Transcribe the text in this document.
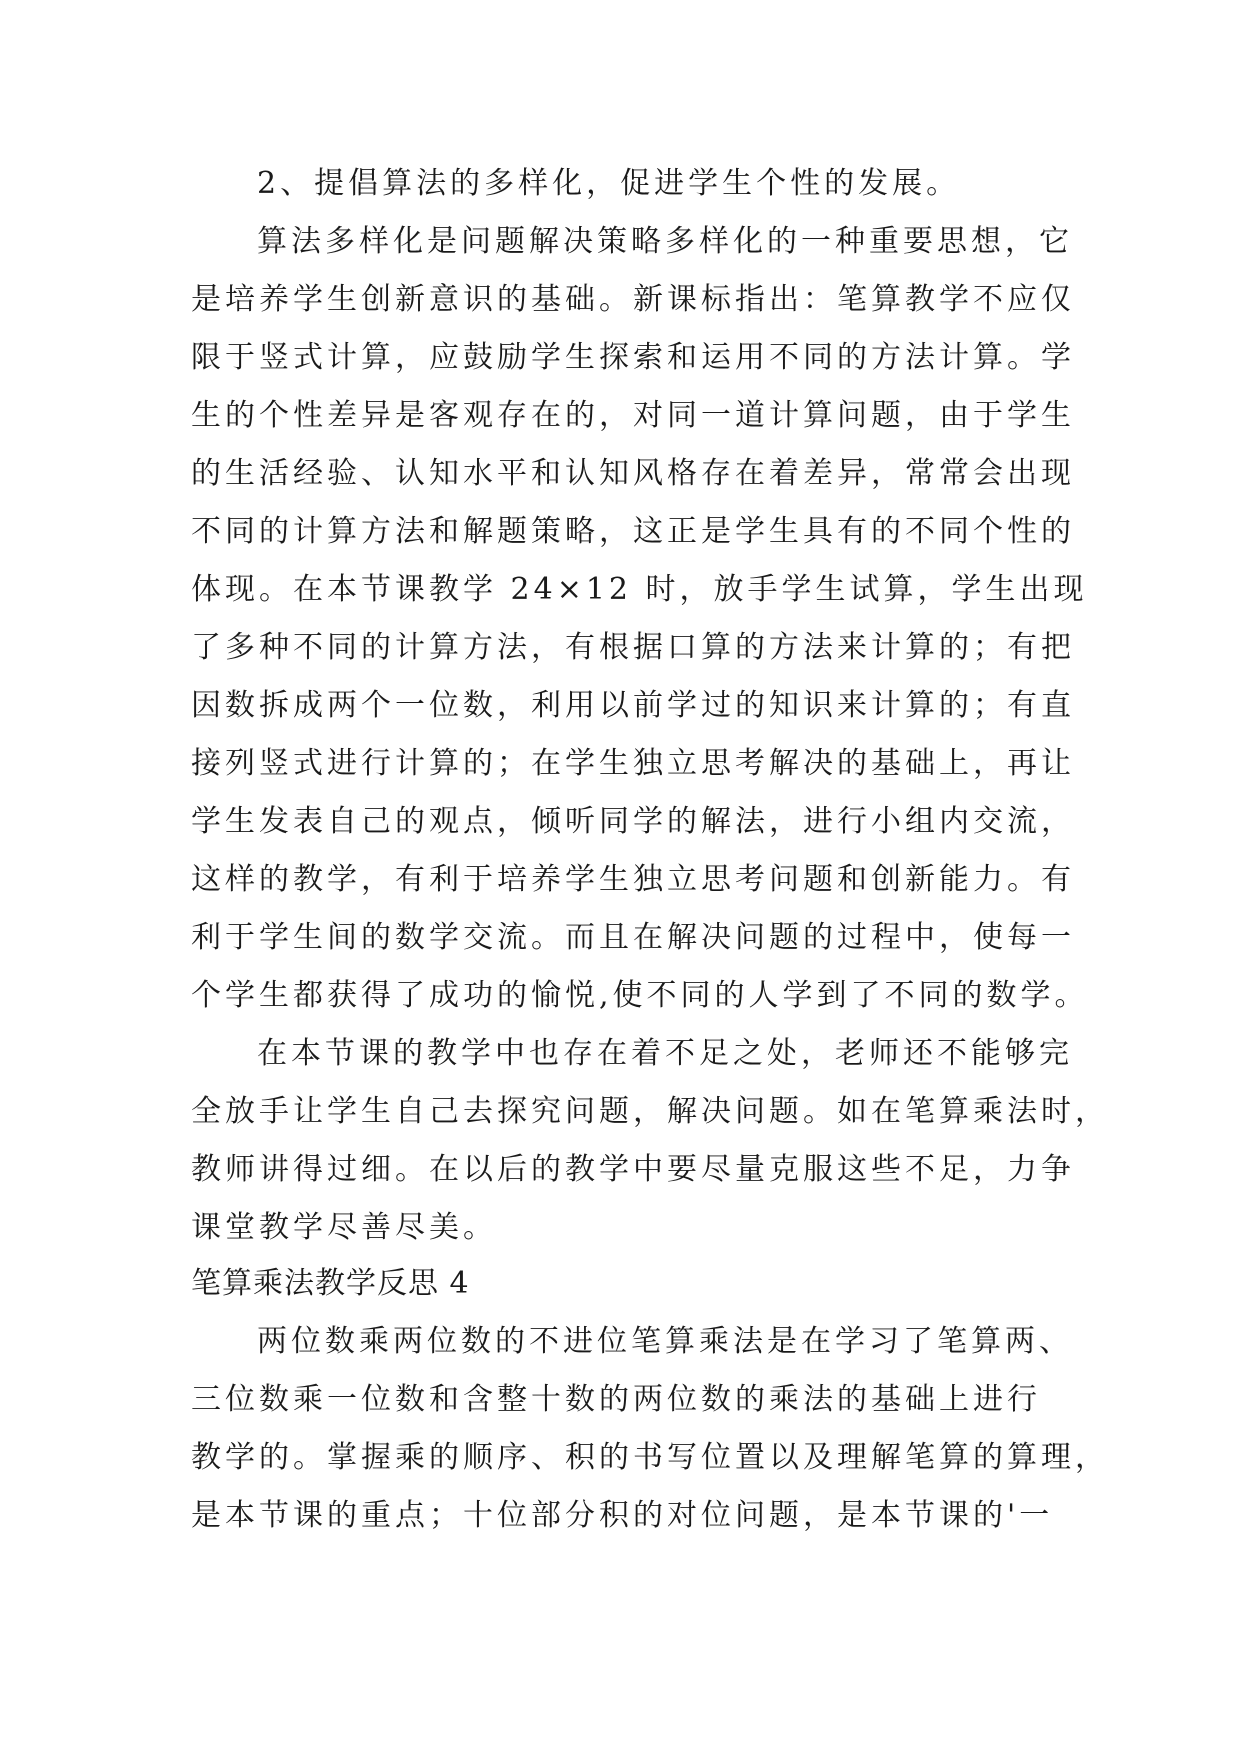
2、提倡算法的多样化，促进学生个性的发展。
算法多样化是问题解决策略多样化的一种重要思想，它
是培养学生创新意识的基础。新课标指出：笔算教学不应仅
限于竖式计算，应鼓励学生探索和运用不同的方法计算。学
生的个性差异是客观存在的，对同一道计算问题，由于学生
的生活经验、认知水平和认知风格存在着差异，常常会出现
不同的计算方法和解题策略，这正是学生具有的不同个性的
体现。在本节课教学 24×12 时，放手学生试算，学生出现
了多种不同的计算方法，有根据口算的方法来计算的；有把
因数拆成两个一位数，利用以前学过的知识来计算的；有直
接列竖式进行计算的；在学生独立思考解决的基础上，再让
学生发表自己的观点，倾听同学的解法，进行小组内交流，
这样的教学，有利于培养学生独立思考问题和创新能力。有
利于学生间的数学交流。而且在解决问题的过程中，使每一
个学生都获得了成功的愉悦,使不同的人学到了不同的数学。
在本节课的教学中也存在着不足之处，老师还不能够完
全放手让学生自己去探究问题，解决问题。如在笔算乘法时，
教师讲得过细。在以后的教学中要尽量克服这些不足，力争
课堂教学尽善尽美。
笔算乘法教学反思 4
两位数乘两位数的不进位笔算乘法是在学习了笔算两、
三位数乘一位数和含整十数的两位数的乘法的基础上进行
教学的。掌握乘的顺序、积的书写位置以及理解笔算的算理，
是本节课的重点；十位部分积的对位问题，是本节课的'一
